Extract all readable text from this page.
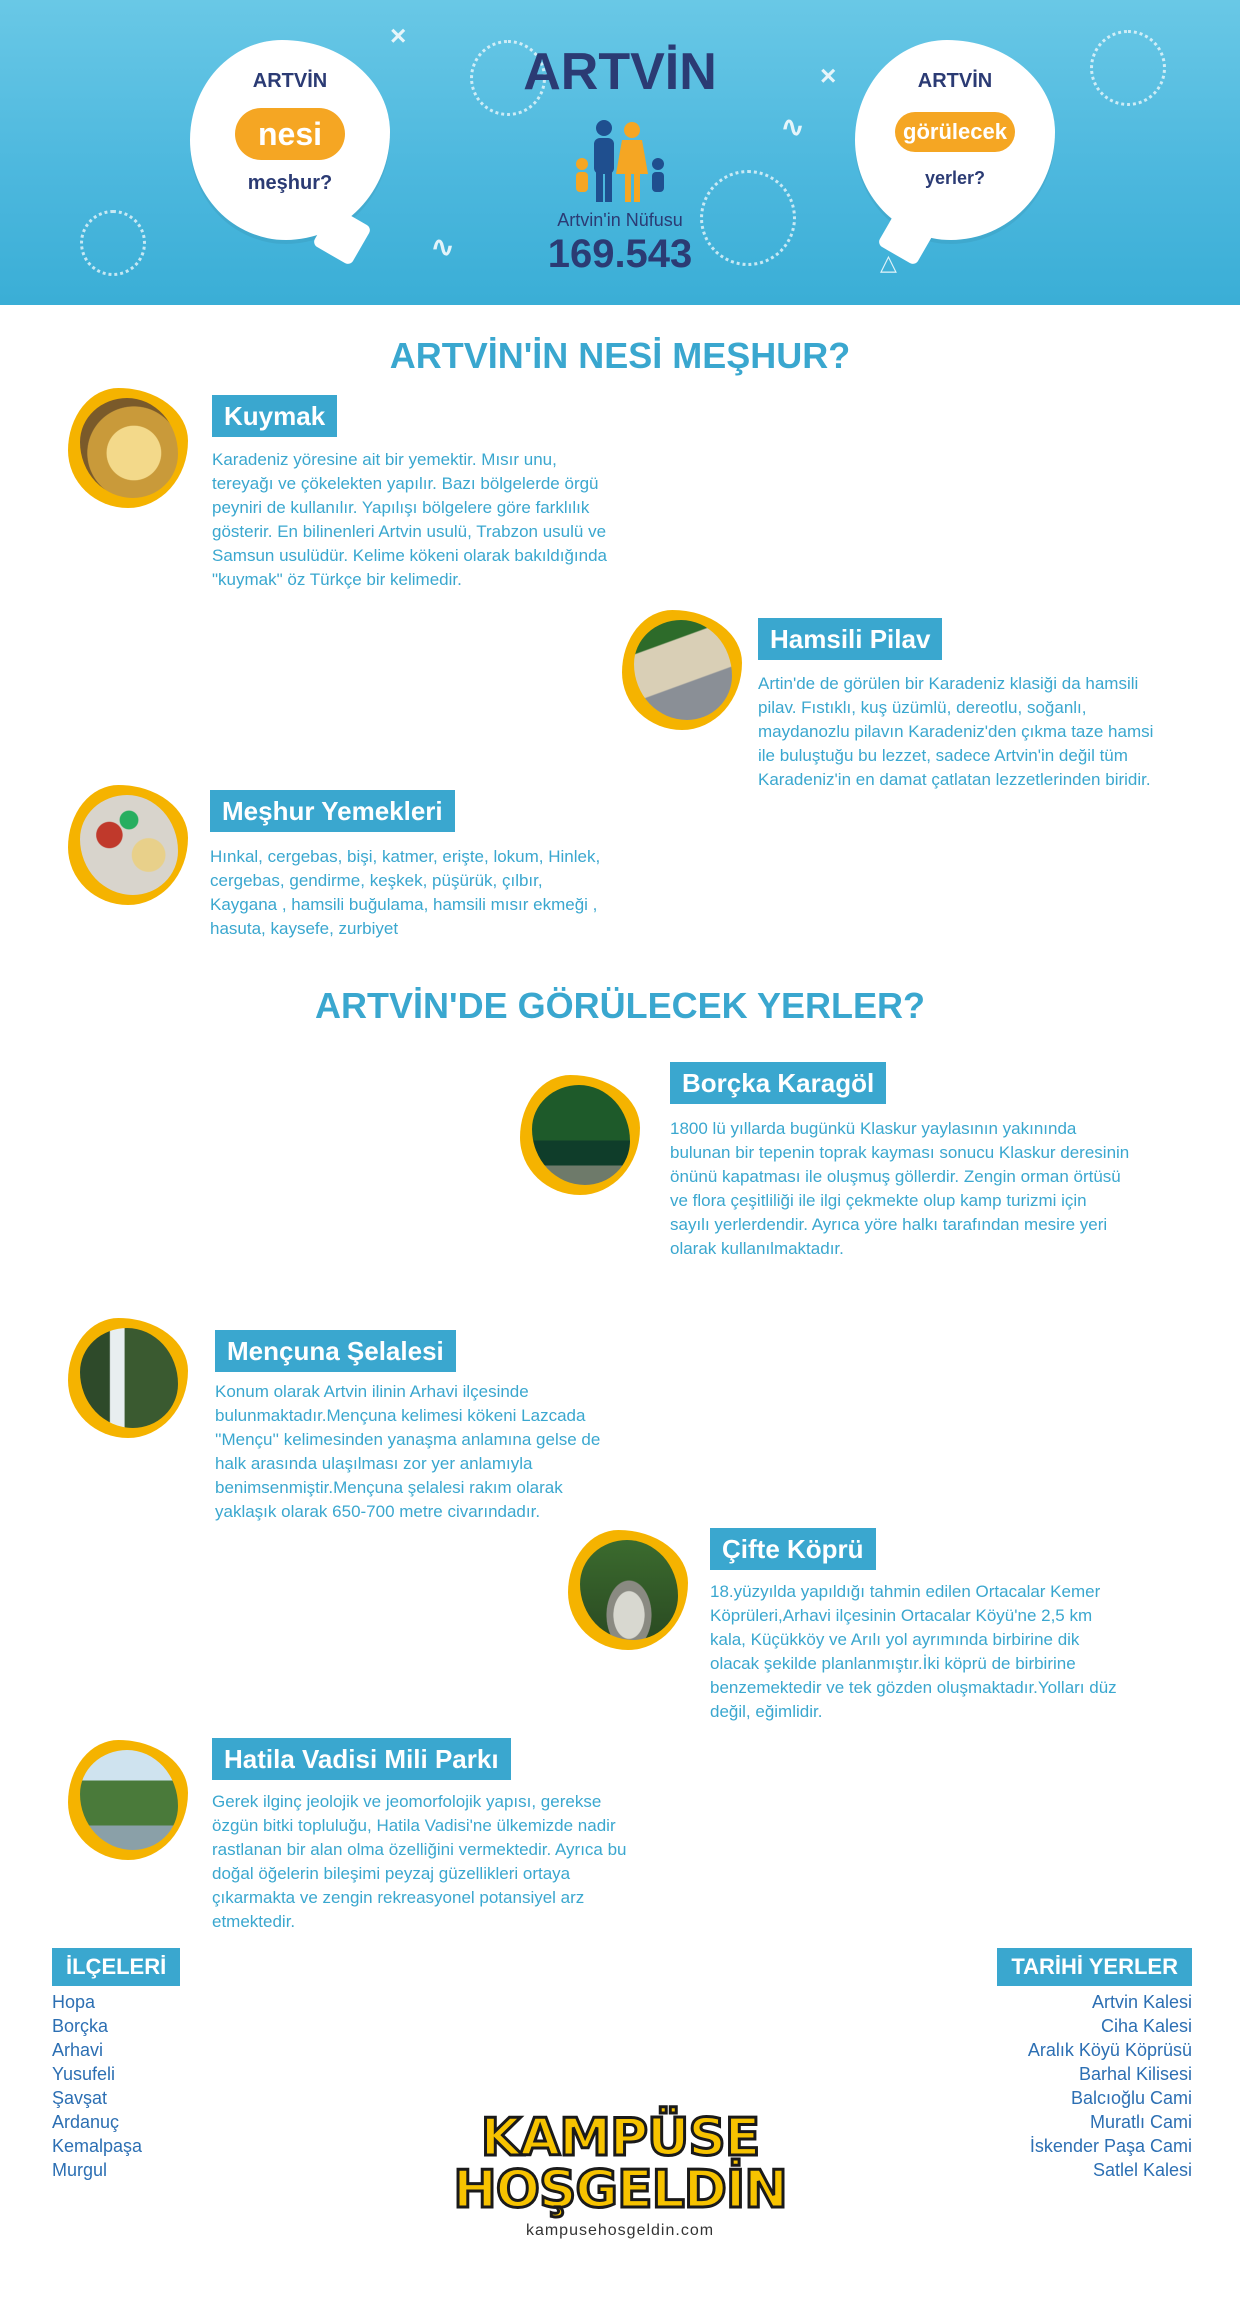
×
×
∿
∿	△
ARTVİN
nesi
meşhur?
ARTVİN
görülecek
yerler?
ARTVİN
Artvin'in Nüfusu
169.543
ARTVİN'İN NESİ MEŞHUR?
Kuymak
Karadeniz yöresine ait bir yemektir. Mısır unu, tereyağı ve çökelekten yapılır. Bazı bölgelerde örgü peyniri de kullanılır. Yapılışı bölgelere göre farklılık gösterir. En bilinenleri Artvin usulü, Trabzon usulü ve Samsun usulüdür. Kelime kökeni olarak bakıldığında "kuymak" öz Türkçe bir kelimedir.
Hamsili Pilav
Artin'de de görülen bir Karadeniz klasiği da hamsili pilav. Fıstıklı, kuş üzümlü, dereotlu, soğanlı, maydanozlu pilavın Karadeniz'den çıkma taze hamsi ile buluştuğu bu lezzet, sadece Artvin'in değil tüm Karadeniz'in en damat çatlatan lezzetlerinden biridir.
Meşhur Yemekleri
Hınkal, cergebas, bişi, katmer, erişte, lokum, Hinlek, cergebas, gendirme, keşkek, püşürük, çılbır, Kaygana , hamsili buğulama, hamsili mısır ekmeği , hasuta, kaysefe, zurbiyet
ARTVİN'DE GÖRÜLECEK YERLER?
Borçka Karagöl
1800 lü yıllarda bugünkü Klaskur yaylasının yakınında bulunan bir tepenin toprak kayması sonucu Klaskur deresinin önünü kapatması ile oluşmuş göllerdir. Zengin orman örtüsü ve flora çeşitliliği ile ilgi çekmekte olup kamp turizmi için sayılı yerlerdendir. Ayrıca yöre halkı tarafından mesire yeri olarak kullanılmaktadır.
Mençuna Şelalesi
Konum olarak Artvin ilinin Arhavi ilçesinde bulunmaktadır.Mençuna kelimesi kökeni Lazcada ''Mençu'' kelimesinden yanaşma anlamına gelse de halk arasında ulaşılması zor yer anlamıyla benimsenmiştir.Mençuna şelalesi rakım olarak yaklaşık olarak 650-700 metre civarındadır.
Çifte Köprü
18.yüzyılda yapıldığı tahmin edilen Ortacalar Kemer Köprüleri,Arhavi ilçesinin Ortacalar Köyü'ne 2,5 km kala, Küçükköy ve Arılı yol ayrımında birbirine dik olacak şekilde planlanmıştır.İki köprü de birbirine benzemektedir ve tek gözden oluşmaktadır.Yolları düz değil, eğimlidir.
Hatila Vadisi Mili Parkı
Gerek ilginç jeolojik ve jeomorfolojik yapısı, gerekse özgün bitki topluluğu, Hatila Vadisi'ne ülkemizde nadir rastlanan bir alan olma özelliğini vermektedir. Ayrıca bu doğal öğelerin bileşimi peyzaj güzellikleri ortaya çıkarmakta ve zengin rekreasyonel potansiyel arz etmektedir.
İLÇELERİ
Hopa
Borçka
Arhavi
Yusufeli
Şavşat
Ardanuç
Kemalpaşa
Murgul
TARİHİ YERLER
Artvin Kalesi
Ciha Kalesi
Aralık Köyü Köprüsü
Barhal Kilisesi
Balcıoğlu Cami
Muratlı Cami
İskender Paşa Cami
Satlel Kalesi
KAMPÜSE
HOŞGELDİN
kampusehosgeldin.com
